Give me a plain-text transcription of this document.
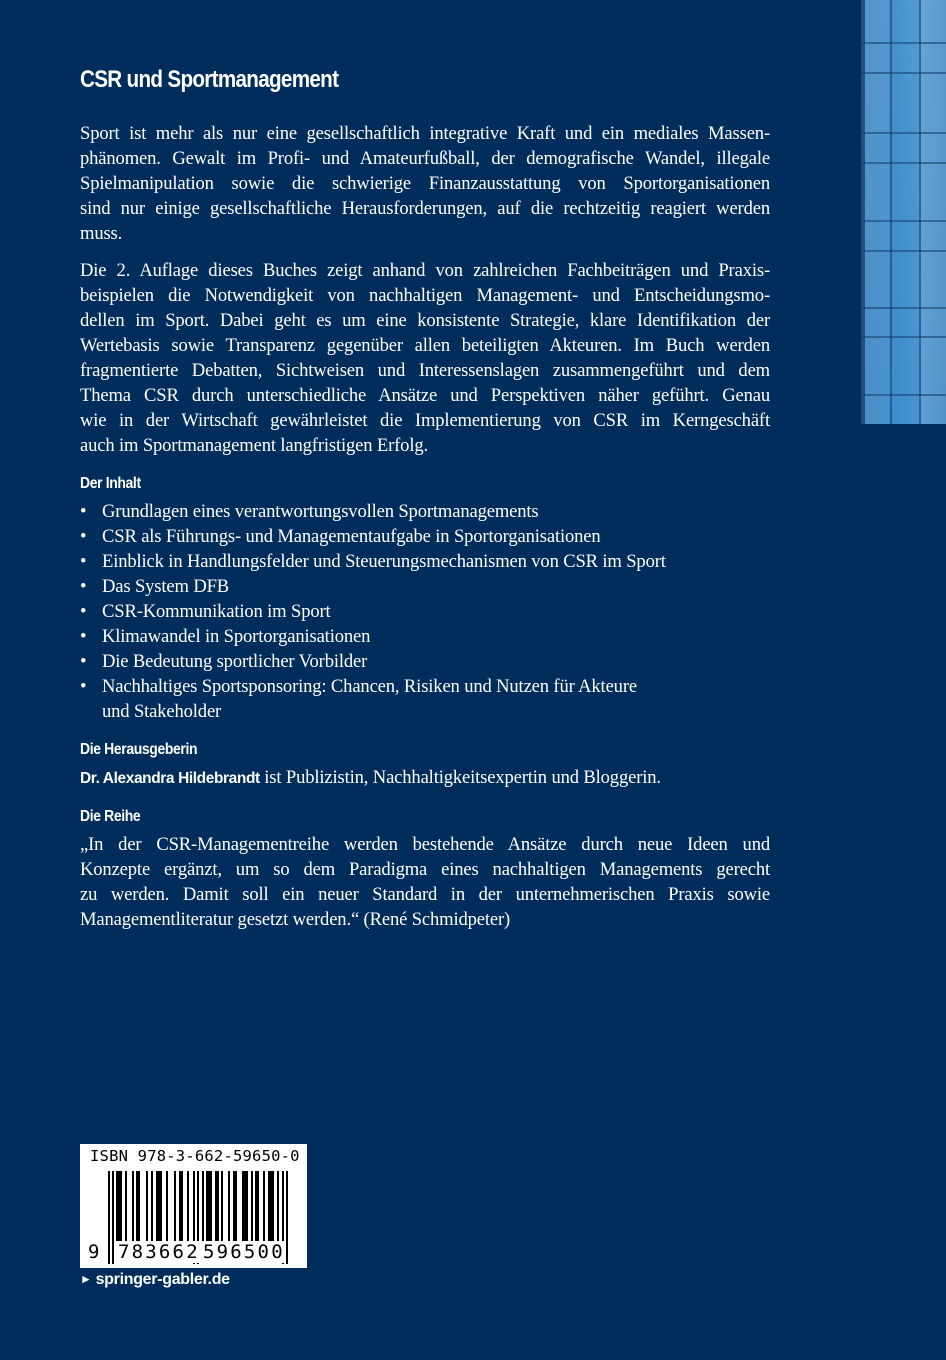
CSR und Sportmanagement

Sport ist mehr als nur eine gesellschaftlich integrative Kraft und ein mediales Massen-
phänomen. Gewalt im Profi- und Amateurfußball, der demografische Wandel, illegale
Spielmanipulation sowie die schwierige Finanzausstattung von Sportorganisationen
sind nur einige gesellschaftliche Herausforderungen, auf die rechtzeitig reagiert werden
muss.

Die 2. Auflage dieses Buches zeigt anhand von zahlreichen Fachbeiträgen und Praxis-
beispielen die Notwendigkeit von nachhaltigen Management- und Entscheidungsmo-
dellen im Sport. Dabei geht es um eine konsistente Strategie, klare Identifikation der
Wertebasis sowie Transparenz gegenüber allen beteiligten Akteuren. Im Buch werden
fragmentierte Debatten, Sichtweisen und Interessenslagen zusammengeführt und dem
Thema CSR durch unterschiedliche Ansätze und Perspektiven näher geführt. Genau
wie in der Wirtschaft gewährleistet die Implementierung von CSR im Kerngeschäft
auch im Sportmanagement langfristigen Erfolg.

Der Inhalt
• Grundlagen eines verantwortungsvollen Sportmanagements
• CSR als Führungs- und Managementaufgabe in Sportorganisationen
• Einblick in Handlungsfelder und Steuerungsmechanismen von CSR im Sport
• Das System DFB
• CSR-Kommunikation im Sport
• Klimawandel in Sportorganisationen
• Die Bedeutung sportlicher Vorbilder
• Nachhaltiges Sportsponsoring: Chancen, Risiken und Nutzen für Akteure
und Stakeholder
Die Herausgeberin

Dr. Alexandra Hildebrandt ist Publizistin, Nachhaltigkeitsexpertin und Bloggerin.

Die Reihe

„In der CSR-Managementreihe werden bestehende Ansätze durch neue Ideen und
Konzepte ergänzt, um so dem Paradigma eines nachhaltigen Managements gerecht
zu werden. Damit soll ein neuer Standard in der unternehmerischen Praxis sowie
Managementliteratur gesetzt werden.“ (René Schmidpeter)

ISBN 978-3-662-59650-0
9 783662 596500
► springer-gabler.de
